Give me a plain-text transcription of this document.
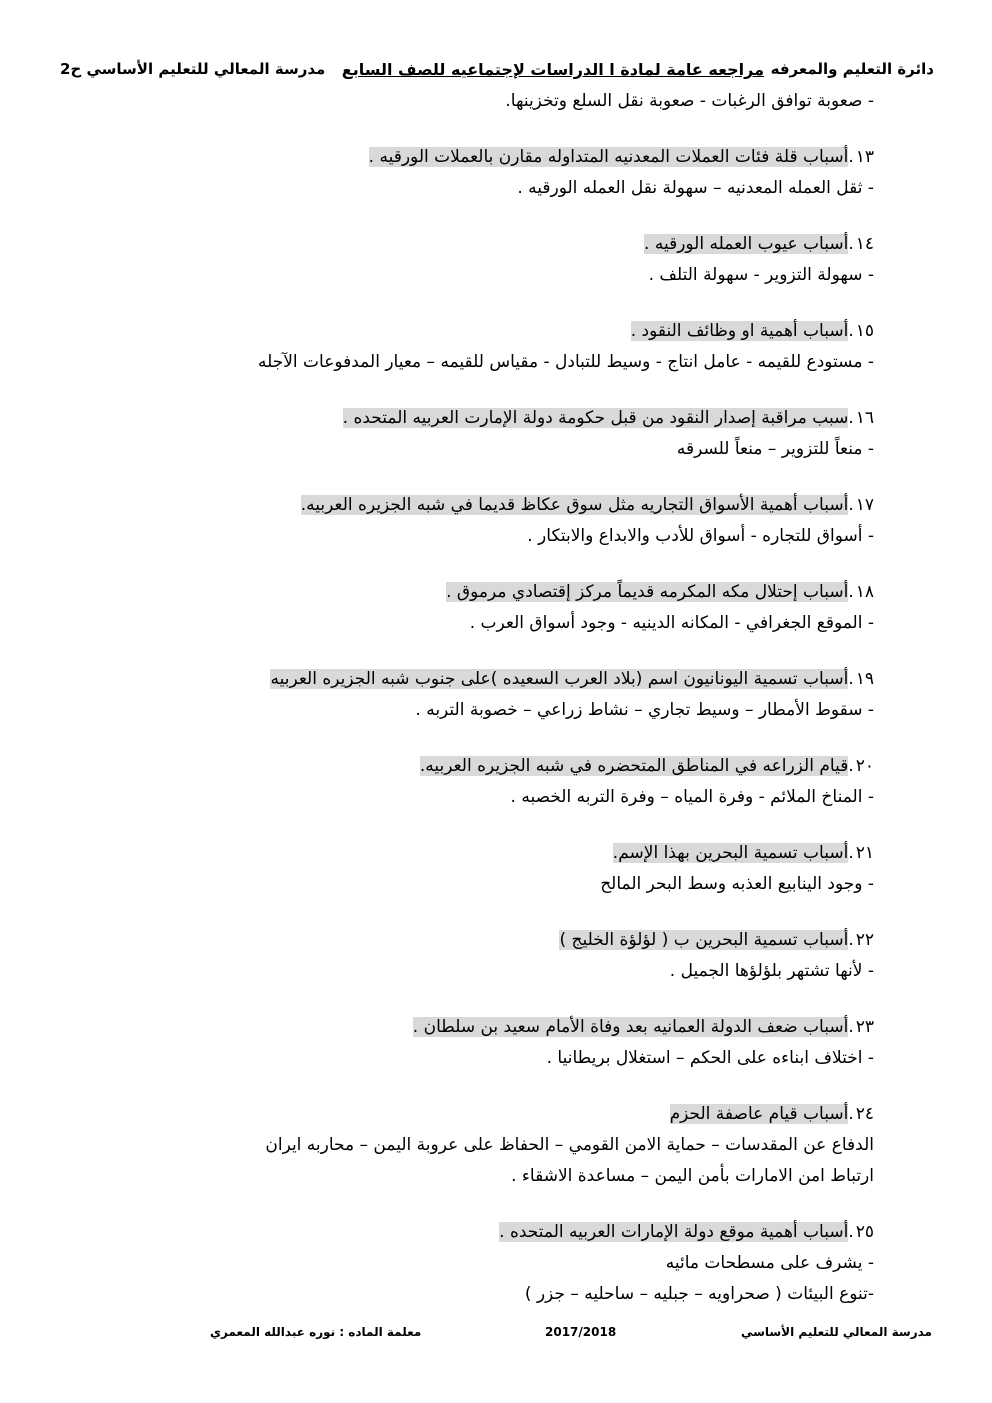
دائرة التعليم والمعرفه
مراجعه عامة لمادة ا الدراسات لإجتماعيه للصف السابع
مدرسة المعالي للتعليم الأساسي ح2
- صعوبة توافق الرغبات - صعوبة نقل السلع وتخزينها.
١٣.أسباب قلة فئات العملات المعدنيه المتداوله مقارن بالعملات الورقيه .
- ثقل العمله المعدنيه – سهولة نقل العمله الورقيه .
١٤.أسباب عيوب العمله الورقيه .
- سهولة التزوير - سهولة التلف .
١٥.أسباب أهمية او وظائف النقود .
- مستودع للقيمه - عامل انتاج - وسيط للتبادل - مقياس للقيمه – معيار المدفوعات الآجله
١٦.سبب مراقبة إصدار النقود من قبل حكومة دولة الإمارت العربيه المتحده .
- منعاً للتزوير – منعاً للسرقه
١٧.أسباب أهمية الأسواق التجاريه مثل سوق عكاظ قديما في شبه الجزيره العربيه.
- أسواق للتجاره - أسواق للأدب والابداع والابتكار .
١٨.أسباب إحتلال مكه المكرمه قديماً مركز إقتصادي مرموق .
- الموقع الجغرافي - المكانه الدينيه - وجود أسواق العرب .
١٩.أسباب تسمية اليونانيون اسم (بلاد العرب السعيده )على جنوب شبه الجزيره العربيه
- سقوط الأمطار – وسيط تجاري – نشاط زراعي – خصوبة التربه .
٢٠.قيام الزراعه في المناطق المتحضره في شبه الجزيره العربيه.
- المناخ الملائم - وفرة المياه – وفرة التربه الخصبه .
٢١.أسباب تسمية البحرين بهذا الإسم.
- وجود الينابيع العذبه وسط البحر المالح
٢٢.أسباب تسمية البحرين ب ( لؤلؤة الخليج )
- لأنها تشتهر بلؤلؤها الجميل .
٢٣.أسباب ضعف الدولة العمانيه بعد وفاة الأمام سعيد بن سلطان .
- اختلاف ابناءه على الحكم – استغلال بريطانيا .
٢٤.أسباب قيام عاصفة الحزم
الدفاع عن المقدسات – حماية الامن القومي – الحفاظ على عروبة اليمن – محاربه ايران
ارتباط امن الامارات بأمن اليمن – مساعدة الاشقاء .
٢٥.أسباب أهمية موقع دولة الإمارات العربيه المتحده .
- يشرف على مسطحات مائيه
-تنوع البيئات ( صحراويه – جبليه – ساحليه – جزر )
مدرسة المعالي للتعليم الأساسي
2017/2018
معلمة الماده : نوره عبدالله المعمري
